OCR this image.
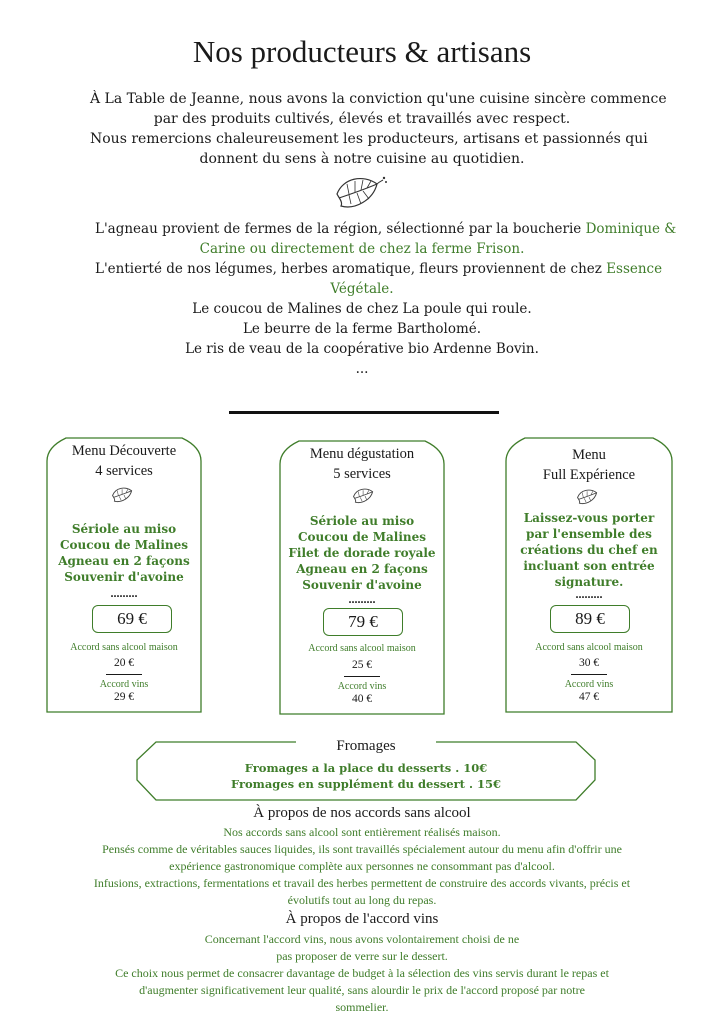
Nos producteurs & artisans
À La Table de Jeanne, nous avons la conviction qu'une cuisine sincère commence
par des produits cultivés, élevés et travaillés avec respect.
Nous remercions chaleureusement les producteurs, artisans et passionnés qui
donnent du sens à notre cuisine au quotidien.
L'agneau provient de fermes de la région, sélectionné par la boucherie Dominique &
Carine ou directement de chez la ferme Frison.
L'entierté de nos légumes, herbes aromatique, fleurs proviennent de chez Essence
Végétale.
Le coucou de Malines de chez La poule qui roule.
Le beurre de la ferme Bartholomé.
Le ris de veau de la coopérative bio Ardenne Bovin.
...
Menu Découverte
4 services
Sériole au miso
Coucou de Malines
Agneau en 2 façons
Souvenir d'avoine
.........
69 €
Accord sans alcool maison
20 €
Accord vins
29 €
Menu dégustation
5 services
Sériole au miso
Coucou de Malines
Filet de dorade royale
Agneau en 2 façons
Souvenir d'avoine
.........
79 €
Accord sans alcool maison
25 €
Accord vins
40 €
Menu
Full Expérience
Laissez-vous porter
par l'ensemble des
créations du chef en
incluant son entrée
signature.
.........
89 €
Accord sans alcool maison
30 €
Accord vins
47 €
Fromages
Fromages a la place du desserts . 10€
Fromages en supplément du dessert . 15€
À propos de nos accords sans alcool
Nos accords sans alcool sont entièrement réalisés maison.
Pensés comme de véritables sauces liquides, ils sont travaillés spécialement autour du menu afin d'offrir une
expérience gastronomique complète aux personnes ne consommant pas d'alcool.
Infusions, extractions, fermentations et travail des herbes permettent de construire des accords vivants, précis et
évolutifs tout au long du repas.
À propos de l'accord vins
Concernant l'accord vins, nous avons volontairement choisi de ne
pas proposer de verre sur le dessert.
Ce choix nous permet de consacrer davantage de budget à la sélection des vins servis durant le repas et
d'augmenter significativement leur qualité, sans alourdir le prix de l'accord proposé par notre
sommelier.
